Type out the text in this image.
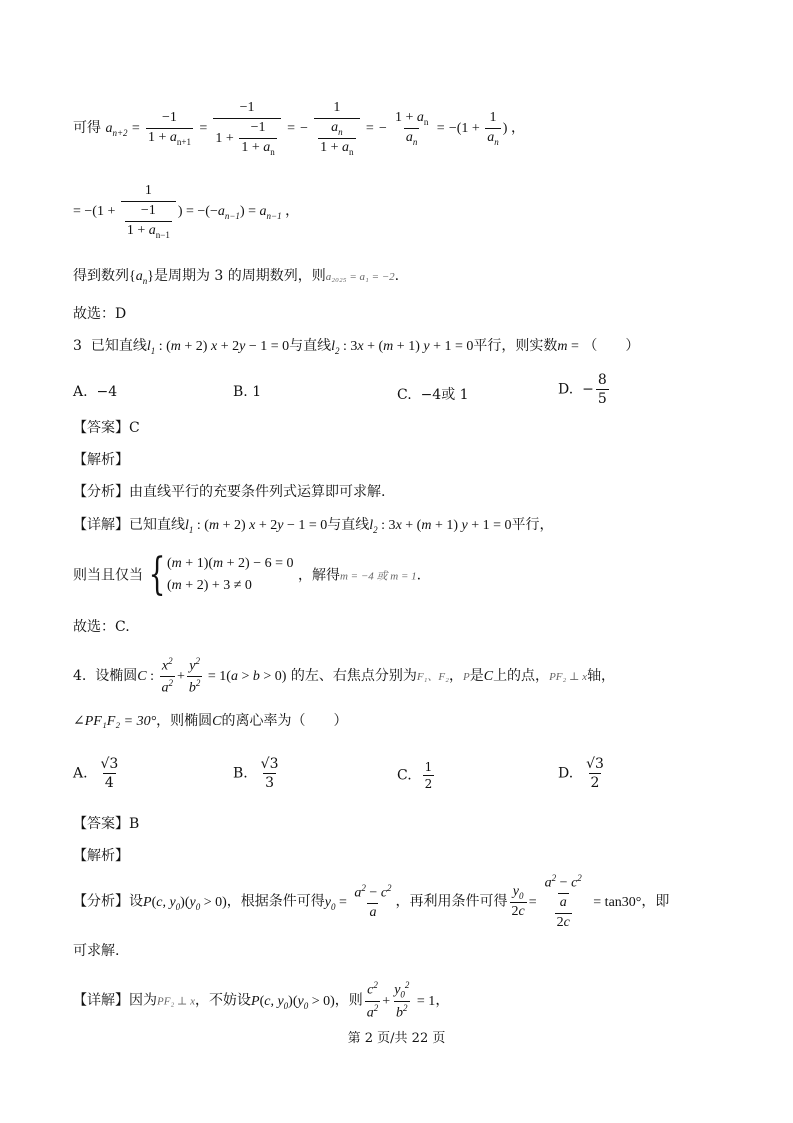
可得 $a_{n+2} = \frac{-1}{1 + a_{n+1}} = \frac{-1}{1 + \frac{-1}{1 + a_n}}$ = − $\frac{1}{\frac{a_n}{1 + a_n}}$ = − $\frac{1 + a_n}{a_n} = -(1 + \frac{1}{a_n}$ ) ，
= $-(1 + \frac{1}{\frac{-1}{1 + a_{n-1}}}$ ) = $-(-a_{n-1}) = a_{n-1}$ ，
得到数列$\{a_n\}$是周期为 3 的周期数列，则a₂₀₂₅ = a₁ = −2.
故选：D
3 已知直线$l_1$ : (m + 2) x + 2y − 1 = 0与直线$l_2$ : 3x + (m + 1) y + 1 = 0平行，则实数m = （　　）
A. −4	B. 1	C. −4或 1	D.  − $\frac{8}{5}$
【答案】C
【解析】
【分析】由直线平行的充要条件列式运算即可求解.
【详解】已知直线$l_1$ : (m + 2) x + 2y − 1 = 0与直线$l_2$ : 3x + (m + 1) y + 1 = 0平行，
则当且仅当 { (m + 1)(m + 2) − 6 = 0
(m + 2) + 3 ≠ 0 ，解得m = −4 或 m = 1.
故选：C.
4. 设椭圆C : $\frac{x^2}{a^2} + \frac{y^2}{b^2} = 1(a > b > 0)$ 的左、右焦点分别为F₁、F₂，P是C上的点，PF₂ ⊥ x轴，
∠PF₁F₂ = 30°，则椭圆C的离心率为（　　）
A. $\frac{√3}{4}$	B. $\frac{√3}{3}$	C. $\frac{1}{2}$	D. $\frac{√3}{2}$
【答案】B
【解析】
【分析】设P(c, $y_0)(y_0 > 0)$，根据条件可得$y_0 = \frac{a^2 - c^2}{a}$ ，再利用条件可得 $\frac{y_0}{2c} = \frac{\frac{a^2 - c^2}{a}}{2c} = \tan 30^\circ$，即
可求解.
【详解】因为PF₂ ⊥ x，不妨设P(c, $y_0)(y_0 > 0)$，则 $\frac{c^2}{a^2} + \frac{y_0^2}{b^2} = 1$，
第 2 页/共 22 页
